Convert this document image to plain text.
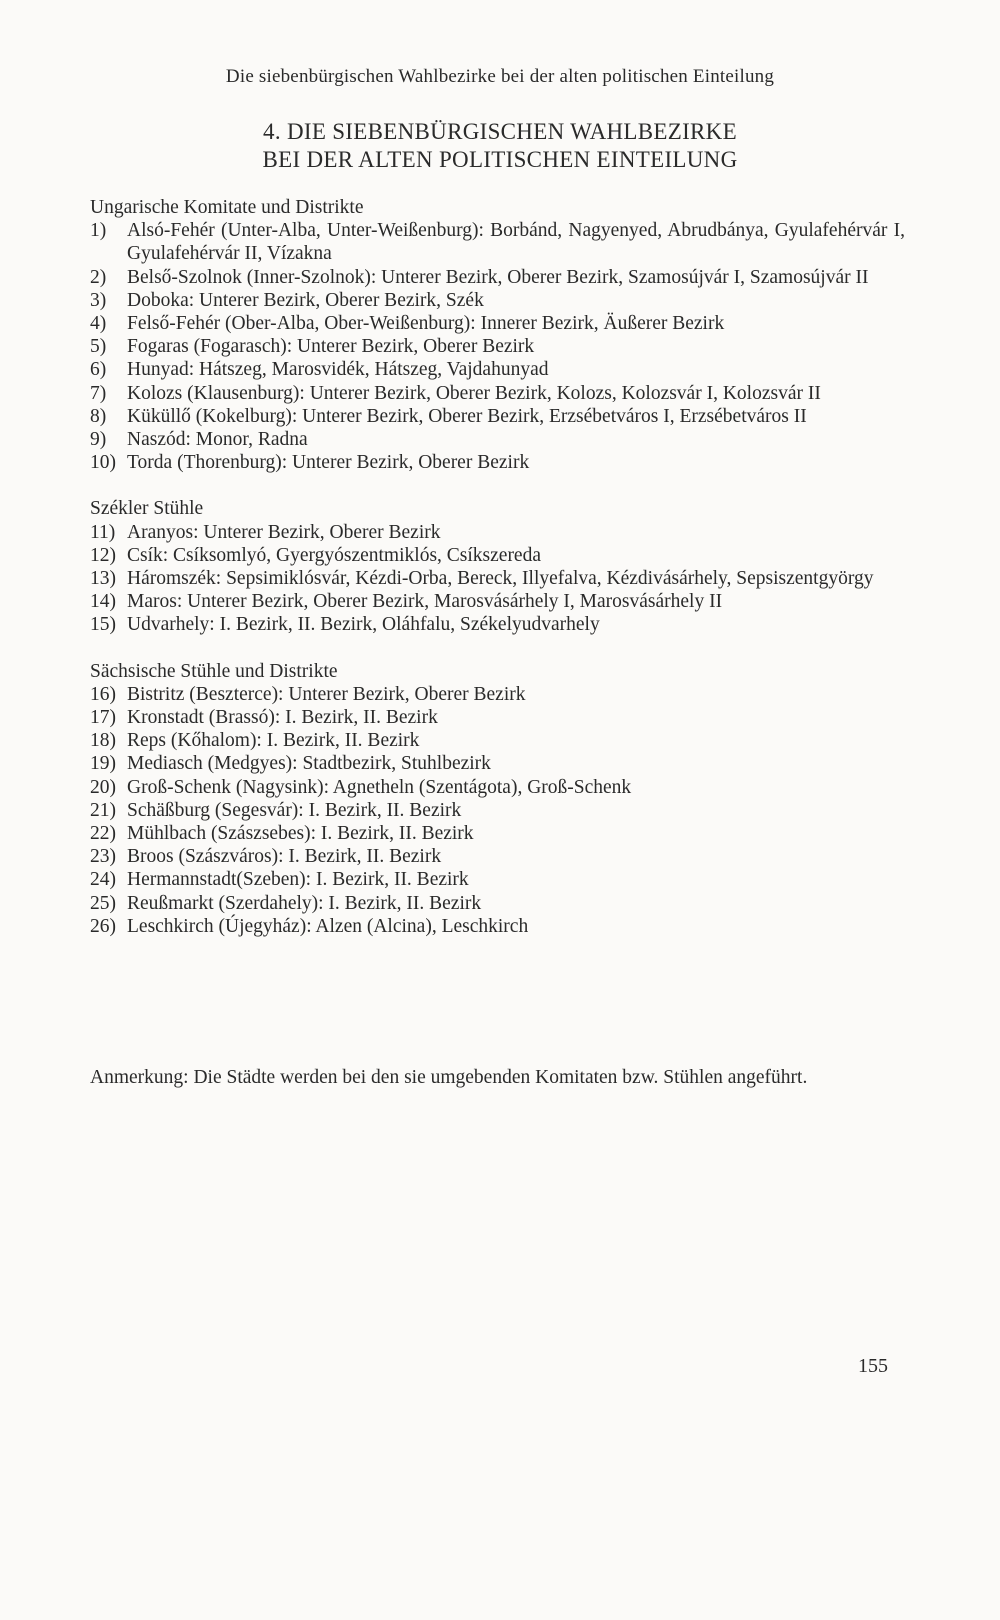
Die siebenbürgischen Wahlbezirke bei der alten politischen Einteilung
4. DIE SIEBENBÜRGISCHEN WAHLBEZIRKE
BEI DER ALTEN POLITISCHEN EINTEILUNG
Ungarische Komitate und Distrikte
1)	Alsó-Fehér (Unter-Alba, Unter-Weißenburg): Borbánd, Nagyenyed, Abrudbánya, Gyulafehérvár I, Gyulafehérvár II, Vízakna
2)	Belső-Szolnok (Inner-Szolnok): Unterer Bezirk, Oberer Bezirk, Szamosújvár I, Szamosújvár II
3)	Doboka: Unterer Bezirk, Oberer Bezirk, Szék
4)	Felső-Fehér (Ober-Alba, Ober-Weißenburg): Innerer Bezirk, Äußerer Bezirk
5)	Fogaras (Fogarasch): Unterer Bezirk, Oberer Bezirk
6)	Hunyad: Hátszeg, Marosvidék, Hátszeg, Vajdahunyad
7)	Kolozs (Klausenburg): Unterer Bezirk, Oberer Bezirk, Kolozs, Kolozsvár I, Kolozsvár II
8)	Küküllő (Kokelburg): Unterer Bezirk, Oberer Bezirk, Erzsébetváros I, Erzsébetváros II
9)	Naszód: Monor, Radna
10) Torda (Thorenburg): Unterer Bezirk, Oberer Bezirk
Székler Stühle
11) Aranyos: Unterer Bezirk, Oberer Bezirk
12) Csík: Csíksomlyó, Gyergyószentmiklós, Csíkszereda
13) Háromszék: Sepsimiklósvár, Kézdi-Orba, Bereck, Illyefalva, Kézdivásárhely, Sepsiszentgyörgy
14) Maros: Unterer Bezirk, Oberer Bezirk, Marosvásárhely I, Marosvásárhely II
15) Udvarhely: I. Bezirk, II. Bezirk, Oláhfalu, Székelyudvarhely
Sächsische Stühle und Distrikte
16) Bistritz (Beszterce): Unterer Bezirk, Oberer Bezirk
17) Kronstadt (Brassó): I. Bezirk, II. Bezirk
18) Reps (Kőhalom): I. Bezirk, II. Bezirk
19) Mediasch (Medgyes): Stadtbezirk, Stuhlbezirk
20) Groß-Schenk (Nagysink): Agnetheln (Szentágota), Groß-Schenk
21) Schäßburg (Segesvár): I. Bezirk, II. Bezirk
22) Mühlbach (Szászsebes): I. Bezirk, II. Bezirk
23) Broos (Szászváros): I. Bezirk, II. Bezirk
24) Hermannstadt(Szeben): I. Bezirk, II. Bezirk
25) Reußmarkt (Szerdahely): I. Bezirk, II. Bezirk
26) Leschkirch (Újegyház): Alzen (Alcina), Leschkirch
Anmerkung: Die Städte werden bei den sie umgebenden Komitaten bzw. Stühlen angeführt.
155
